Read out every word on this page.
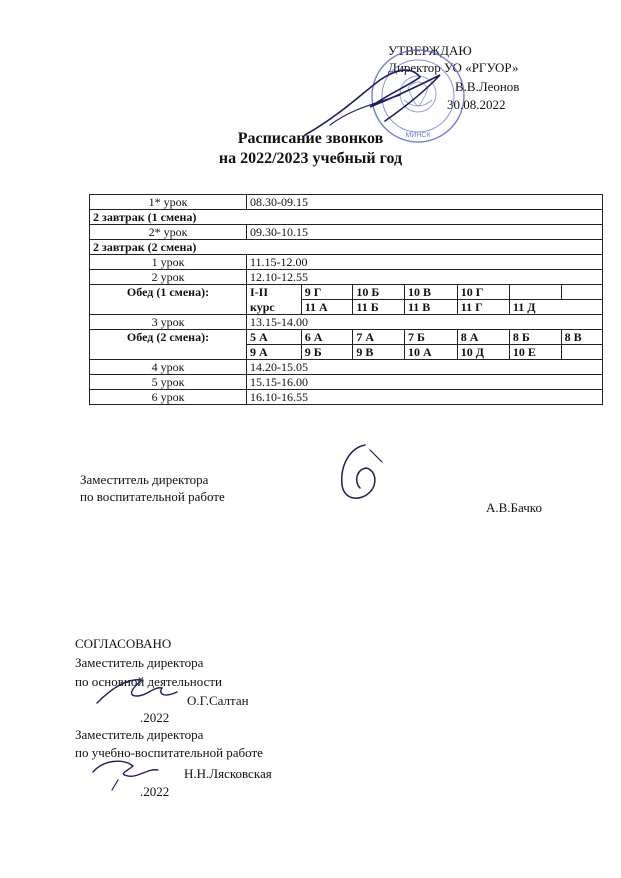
УТВЕРЖДАЮ
Директор УО «РГУОР»
В.В.Леонов
30.08.2022
МИНСК
Расписание звонков
на 2022/2023 учебный год
1* урок	08.30-09.15						
2 завтрак (1 смена)							
2* урок	09.30-10.15						
2 завтрак (2 смена)							
1 урок	11.15-12.00						
2 урок	12.10-12.55						
Обед (1 смена):	I-II	9 Г	10 Б	10 В	10 Г		
	курс	11 А	11 Б	11 В	11 Г	11 Д	
3 урок	13.15-14.00						
Обед (2 смена):	5 А	6 А	7 А	7 Б	8 А	8 Б	8 В
	9 А	9 Б	9 В	10 А	10 Д	10 Е	
4 урок	14.20-15.05						
5 урок	15.15-16.00						
6 урок	16.10-16.55						
Заместитель директора
по воспитательной работе
А.В.Бачко
СОГЛАСОВАНО
Заместитель директора
по основной деятельности
О.Г.Салтан
.2022
Заместитель директора
по учебно-воспитательной работе
Н.Н.Лясковская
.2022
